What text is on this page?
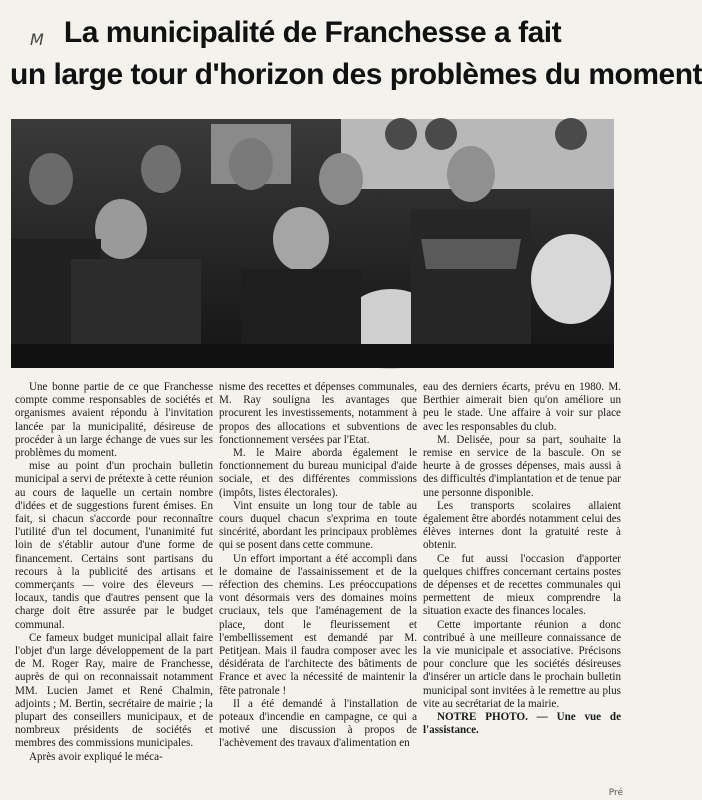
M La municipalité de Franchesse a fait
un large tour d'horizon des problèmes du moment

Une bonne partie de ce que Franchesse compte comme responsables de sociétés et organismes avaient répondu à l'invitation lancée par la municipalité, désireuse de procéder à un large échange de vues sur les problèmes du moment.

mise au point d'un prochain bulletin municipal a servi de prétexte à cette réunion au cours de laquelle un certain nombre d'idées et de suggestions furent émises. En fait, si chacun s'accorde pour reconnaître l'utilité d'un tel document, l'unanimité fut loin de s'établir autour d'une forme de financement. Certains sont partisans du recours à la publicité des artisans et commerçants — voire des éleveurs — locaux, tandis que d'autres pensent que la charge doit être assurée par le budget communal.

Ce fameux budget municipal allait faire l'objet d'un large développement de la part de M. Roger Ray, maire de Franchesse, auprès de qui on reconnaissait notamment MM. Lucien Jamet et René Chalmin, adjoints ; M. Bertin, secrétaire de mairie ; la plupart des conseillers municipaux, et de nombreux présidents de sociétés et membres des commissions municipales.

Après avoir expliqué le méca-

nisme des recettes et dépenses communales, M. Ray souligna les avantages que procurent les investissements, notamment à propos des allocations et subventions de fonctionnement versées par l'Etat.

M. le Maire aborda également le fonctionnement du bureau municipal d'aide sociale, et des différentes commissions (impôts, listes électorales).

Vint ensuite un long tour de table au cours duquel chacun s'exprima en toute sincérité, abordant les principaux problèmes qui se posent dans cette commune.

Un effort important a été accompli dans le domaine de l'assainissement et de la réfection des chemins. Les préoccupations vont désormais vers des domaines moins cruciaux, tels que l'aménagement de la place, dont le fleurissement et l'embellissement est demandé par M. Petitjean. Mais il faudra composer avec les désidérata de l'architecte des bâtiments de France et avec la nécessité de maintenir la fête patronale !

Il a été demandé à l'installation de poteaux d'incendie en campagne, ce qui a motivé une discussion à propos de l'achèvement des travaux d'alimentation en

eau des derniers écarts, prévu en 1980. M. Berthier aimerait bien qu'on améliore un peu le stade. Une affaire à voir sur place avec les responsables du club.

M. Delisée, pour sa part, souhaite la remise en service de la bascule. On se heurte à de grosses dépenses, mais aussi à des difficultés d'implantation et de tenue par une personne disponible.

Les transports scolaires allaient également être abordés notamment celui des élèves internes dont la gratuité reste à obtenir.

Ce fut aussi l'occasion d'apporter quelques chiffres concernant certains postes de dépenses et de recettes communales qui permettent de mieux comprendre la situation exacte des finances locales.

Cette importante réunion a donc contribué à une meilleure connaissance de la vie municipale et associative. Précisons pour conclure que les sociétés désireuses d'insérer un article dans le prochain bulletin municipal sont invitées à le remettre au plus vite au secrétariat de la mairie.

NOTRE PHOTO. — Une vue de l'assistance.

Pré
